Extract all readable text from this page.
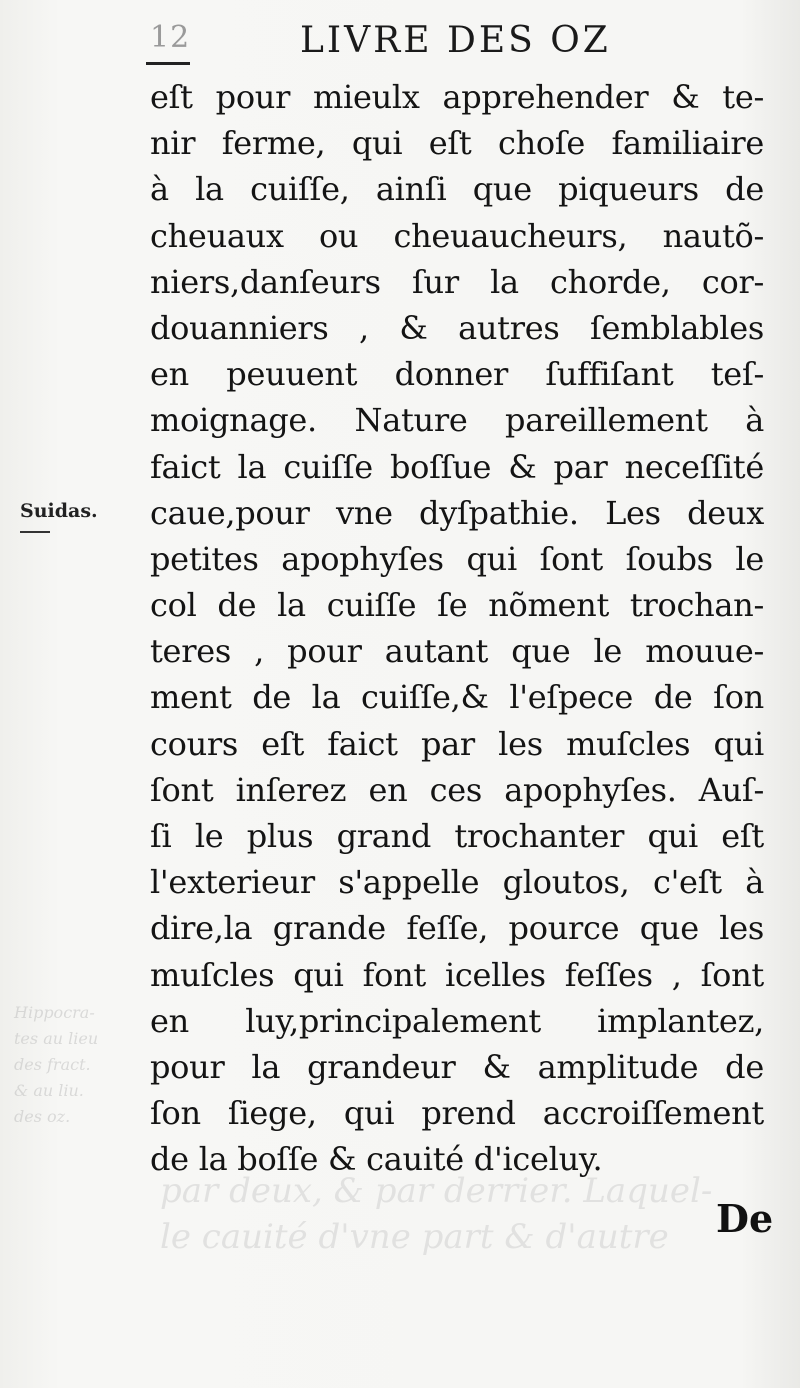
Hippocra-
tes au lieu
des fract.
& au liu.
des oz.
par deux, & par derrier. Laquel-
le cauité d'vne part & d'autre
12	LIVRE DES OZ
Suidas.
eſt pour mieulx apprehender & te-
nir ferme, qui eſt choſe familiaire
à la cuiſſe, ainſi que piqueurs de
cheuaux ou cheuaucheurs, nautõ-
niers,danſeurs ſur la chorde, cor-
douanniers , & autres ſemblables
en peuuent donner ſuffiſant teſ-
moignage. Nature pareillement à
faict la cuiſſe boſſue & par neceſſité
caue,pour vne dyſpathie. Les deux
petites apophyſes qui ſont ſoubs le
col de la cuiſſe ſe nõment trochan-
teres , pour autant que le mouue-
ment de la cuiſſe,& l'eſpece de ſon
cours eſt faict par les muſcles qui
ſont inſerez en ces apophyſes. Auſ-
ſi le plus grand trochanter qui eſt
l'exterieur s'appelle gloutos, c'eſt à
dire,la grande feſſe, pource que les
muſcles qui font icelles feſſes , ſont
en luy,principalement implantez,
pour la grandeur & amplitude de
ſon ſiege, qui prend accroiſſement
de la boſſe & cauité d'iceluy.
De
